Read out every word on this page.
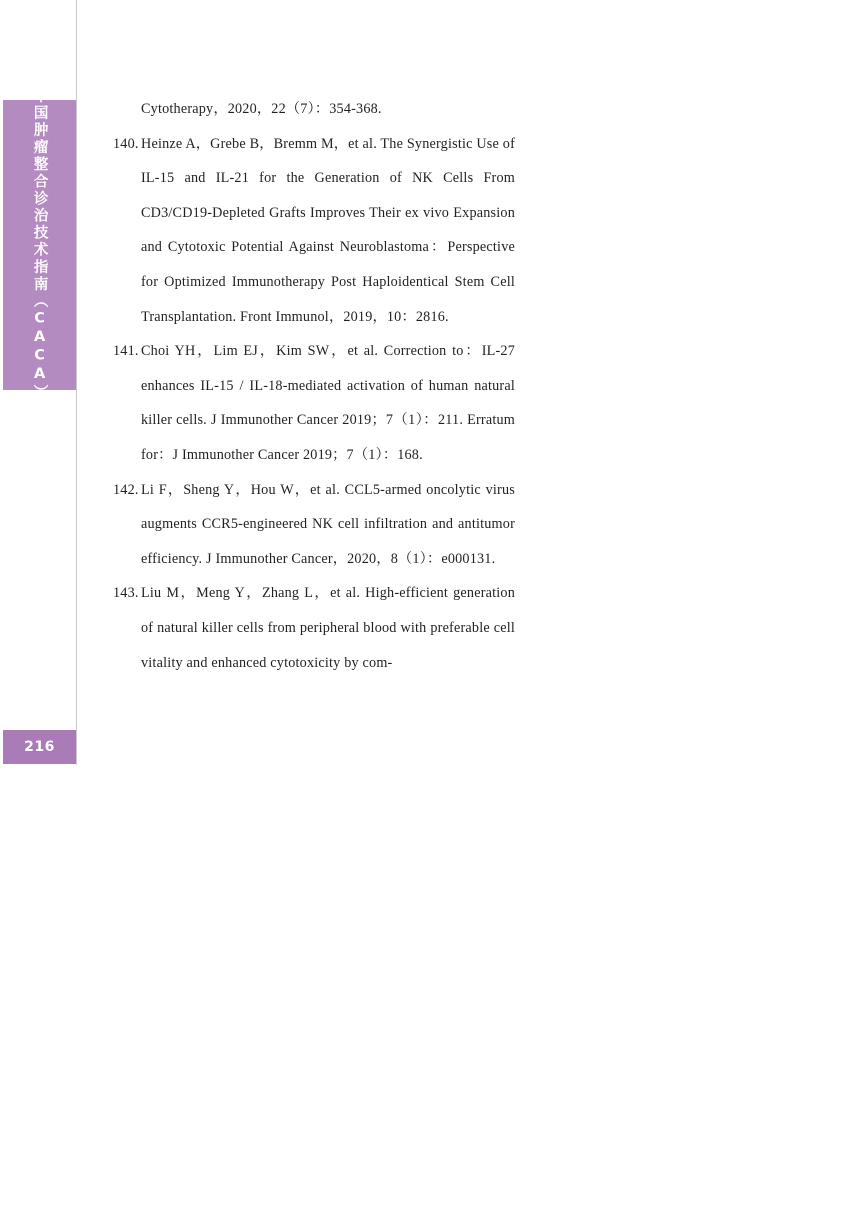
中国肿瘤整合诊治技术指南（CACA）
216

Cytotherapy，2020，22（7）：354-368.

140. Heinze A，Grebe B，Bremm M，et al. The Synergistic Use of IL-15 and IL-21 for the Generation of NK Cells From CD3/CD19-Depleted Grafts Improves Their ex vivo Expansion and Cytotoxic Potential Against Neuroblastoma：Perspective for Optimized Immunotherapy Post Haploidentical Stem Cell Transplantation. Front Immunol，2019，10：2816.
141. Choi YH，Lim EJ，Kim SW，et al. Correction to：IL-27 enhances IL-15 / IL-18-mediated activation of human natural killer cells. J Immunother Cancer 2019；7（1）：211. Erratum for：J Immunother Cancer 2019；7（1）：168.
142. Li F，Sheng Y，Hou W，et al. CCL5-armed oncolytic virus augments CCR5-engineered NK cell infiltration and antitumor efficiency. J Immunother Cancer，2020，8（1）：e000131.
143. Liu M，Meng Y，Zhang L，et al. High-efficient generation of natural killer cells from peripheral blood with preferable cell vitality and enhanced cytotoxicity by com-
